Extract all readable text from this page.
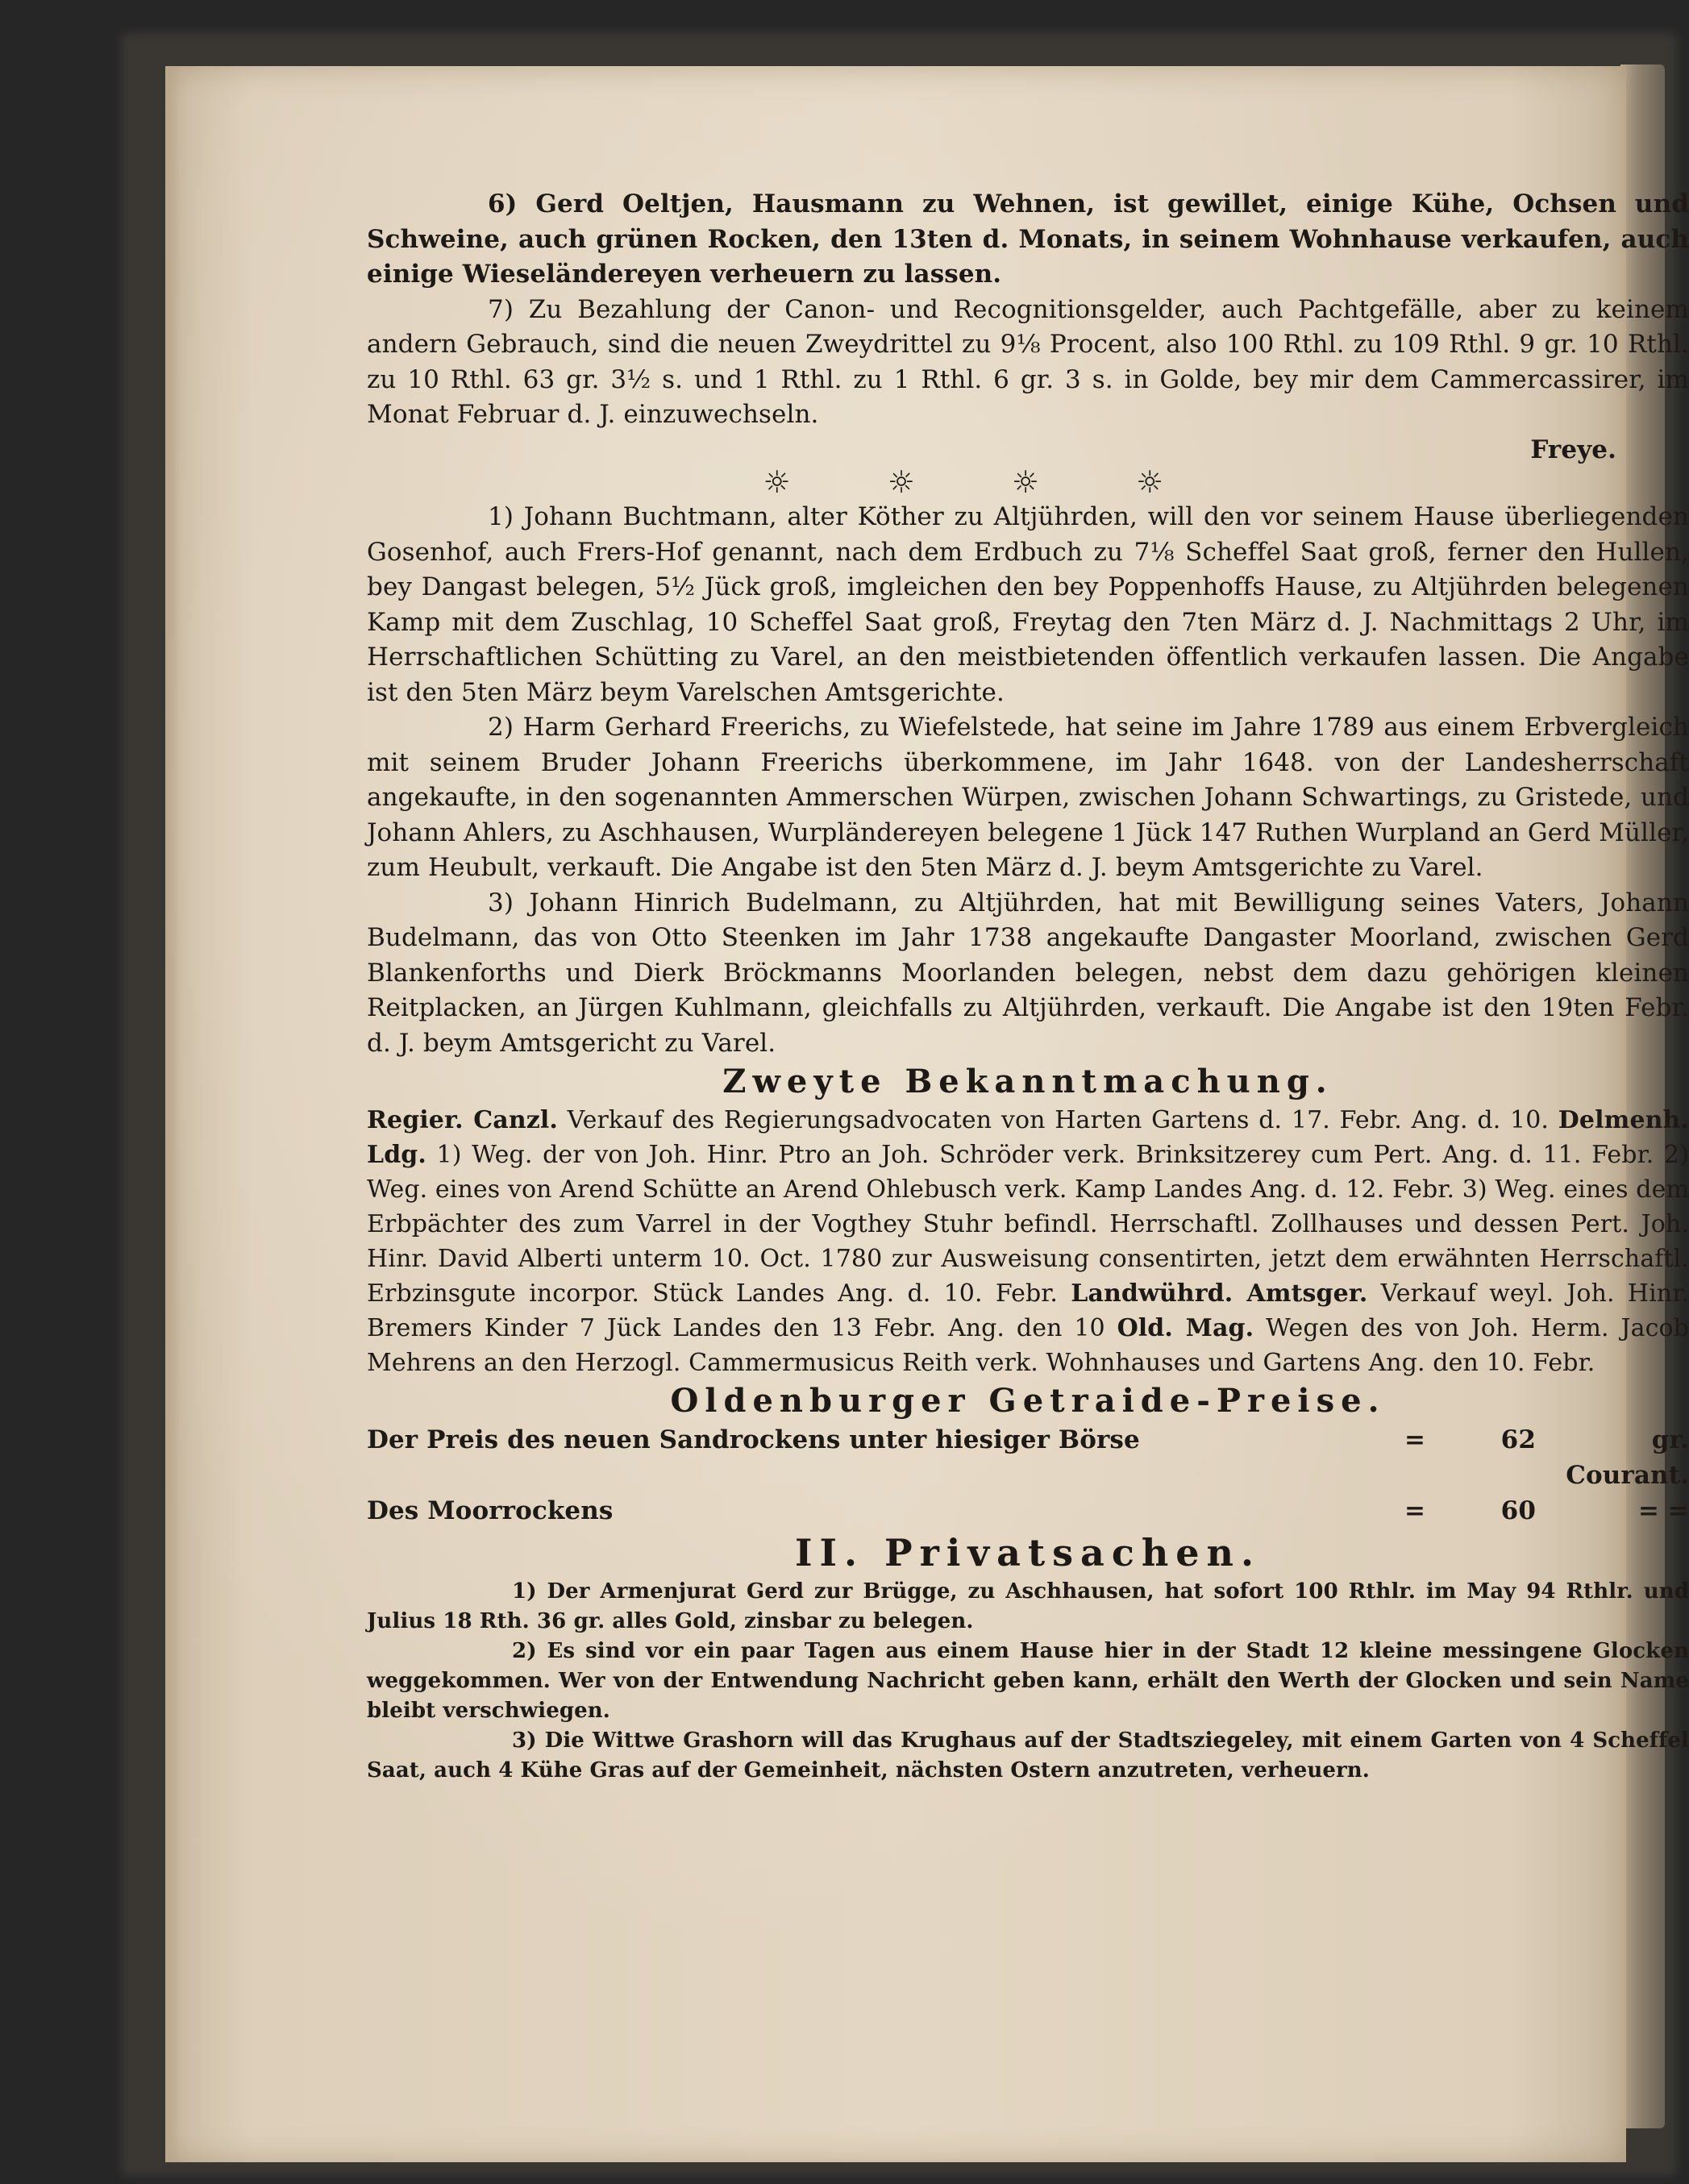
6) Gerd Oeltjen, Hausmann zu Wehnen, ist gewillet, einige Kühe, Ochsen und Schweine, auch grünen Rocken, den 13ten d. Monats, in seinem Wohnhause verkaufen, auch einige Wieseländereyen verheuern zu lassen.

7) Zu Bezahlung der Canon- und Recognitionsgelder, auch Pachtgefälle, aber zu keinem andern Gebrauch, sind die neuen Zweydrittel zu 9⅛ Procent, also 100 Rthl. zu 109 Rthl. 9 gr. 10 Rthl. zu 10 Rthl. 63 gr. 3½ s. und 1 Rthl. zu 1 Rthl. 6 gr. 3 s. in Golde, bey mir dem Cammercassirer, im Monat Februar d. J. einzuwechseln.

Freye.
☼	☼	☼	☼

1) Johann Buchtmann, alter Köther zu Altjührden, will den vor seinem Hause überliegenden Gosenhof, auch Frers-Hof genannt, nach dem Erdbuch zu 7⅛ Scheffel Saat groß, ferner den Hullen, bey Dangast belegen, 5½ Jück groß, imgleichen den bey Poppenhoffs Hause, zu Altjührden belegenen Kamp mit dem Zuschlag, 10 Scheffel Saat groß, Freytag den 7ten März d. J. Nachmittags 2 Uhr, im Herrschaftlichen Schütting zu Varel, an den meistbietenden öffentlich verkaufen lassen. Die Angabe ist den 5ten März beym Varelschen Amtsgerichte.

2) Harm Gerhard Freerichs, zu Wiefelstede, hat seine im Jahre 1789 aus einem Erbvergleich mit seinem Bruder Johann Freerichs überkommene, im Jahr 1648. von der Landesherrschaft angekaufte, in den sogenannten Ammerschen Würpen, zwischen Johann Schwartings, zu Gristede, und Johann Ahlers, zu Aschhausen, Wurpländereyen belegene 1 Jück 147 Ruthen Wurpland an Gerd Müller, zum Heubult, verkauft. Die Angabe ist den 5ten März d. J. beym Amtsgerichte zu Varel.

3) Johann Hinrich Budelmann, zu Altjührden, hat mit Bewilligung seines Vaters, Johann Budelmann, das von Otto Steenken im Jahr 1738 angekaufte Dangaster Moorland, zwischen Gerd Blankenforths und Dierk Bröckmanns Moorlanden belegen, nebst dem dazu gehörigen kleinen Reitplacken, an Jürgen Kuhlmann, gleichfalls zu Altjührden, verkauft. Die Angabe ist den 19ten Febr. d. J. beym Amtsgericht zu Varel.

Zweyte Bekanntmachung.

Regier. Canzl. Verkauf des Regierungsadvocaten von Harten Gartens d. 17. Febr. Ang. d. 10. Delmenh. Ldg. 1) Weg. der von Joh. Hinr. Ptro an Joh. Schröder verk. Brinksitzerey cum Pert. Ang. d. 11. Febr. 2) Weg. eines von Arend Schütte an Arend Ohlebusch verk. Kamp Landes Ang. d. 12. Febr. 3) Weg. eines dem Erbpächter des zum Varrel in der Vogthey Stuhr befindl. Herrschaftl. Zollhauses und dessen Pert. Joh. Hinr. David Alberti unterm 10. Oct. 1780 zur Ausweisung consentirten, jetzt dem erwähnten Herrschaftl. Erbzinsgute incorpor. Stück Landes Ang. d. 10. Febr. Landwührd. Amtsger. Verkauf weyl. Joh. Hinr. Bremers Kinder 7 Jück Landes den 13 Febr. Ang. den 10 Old. Mag. Wegen des von Joh. Herm. Jacob Mehrens an den Herzogl. Cammermusicus Reith verk. Wohnhauses und Gartens Ang. den 10. Febr.

Oldenburger Getraide-Preise.

Der Preis des neuen Sandrockens unter hiesiger Börse	=	62	gr. Courant.
Des Moorrockens	=	60	= =

II. Privatsachen.

1) Der Armenjurat Gerd zur Brügge, zu Aschhausen, hat sofort 100 Rthlr. im May 94 Rthlr. und Julius 18 Rth. 36 gr. alles Gold, zinsbar zu belegen.

2) Es sind vor ein paar Tagen aus einem Hause hier in der Stadt 12 kleine messingene Glocken weggekommen. Wer von der Entwendung Nachricht geben kann, erhält den Werth der Glocken und sein Name bleibt verschwiegen.

3) Die Wittwe Grashorn will das Krughaus auf der Stadtsziegeley, mit einem Garten von 4 Scheffel Saat, auch 4 Kühe Gras auf der Gemeinheit, nächsten Ostern anzutreten, verheuern.
